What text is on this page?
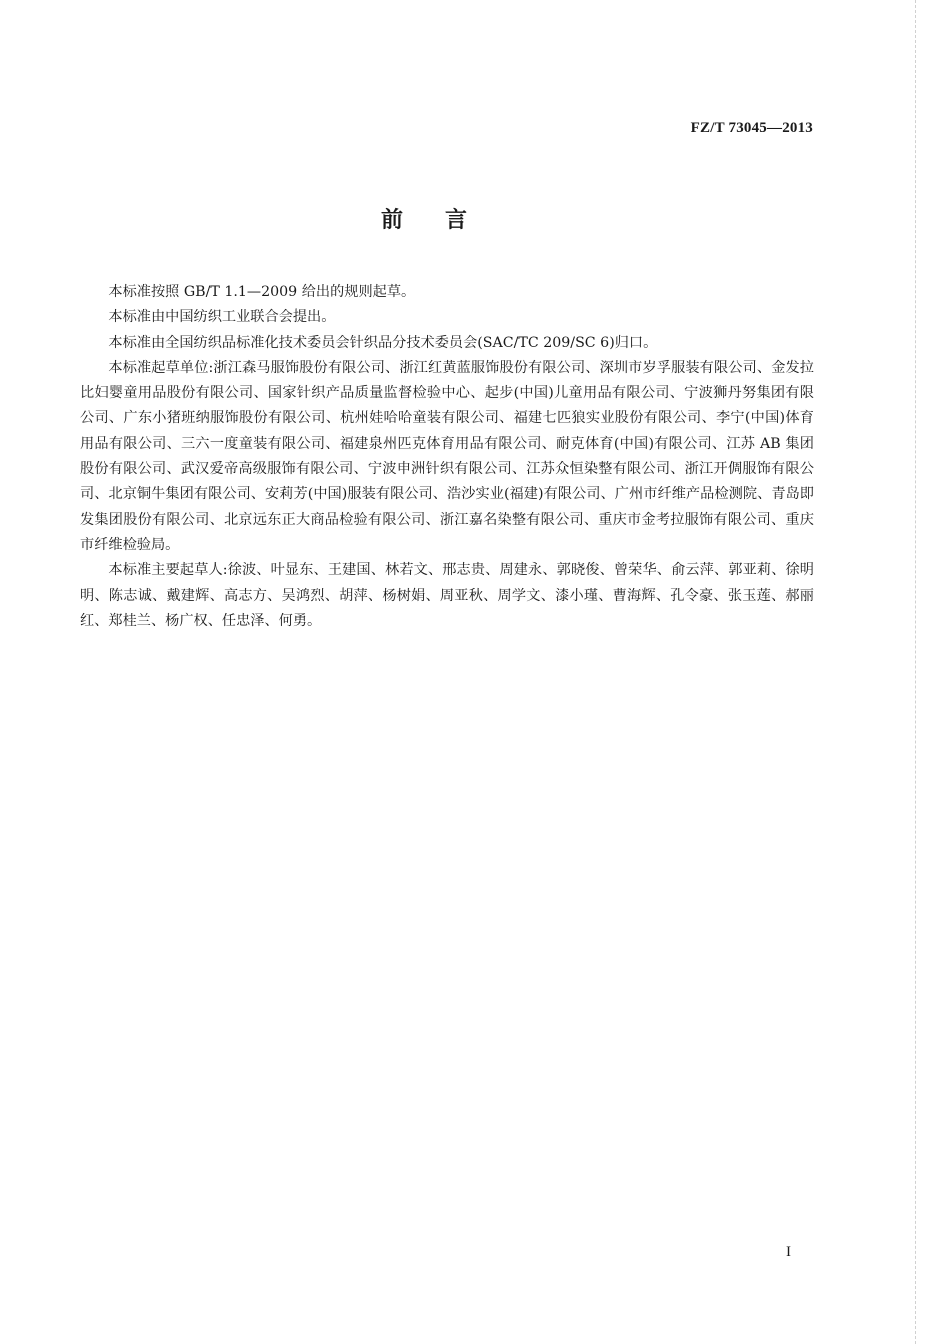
FZ/T 73045—2013
前言

本标准按照 GB/T 1.1—2009 给出的规则起草。

本标准由中国纺织工业联合会提出。

本标准由全国纺织品标准化技术委员会针织品分技术委员会(SAC/TC 209/SC 6)归口。

本标准起草单位:浙江森马服饰股份有限公司、浙江红黄蓝服饰股份有限公司、深圳市岁孚服装有限公司、金发拉比妇婴童用品股份有限公司、国家针织产品质量监督检验中心、起步(中国)儿童用品有限公司、宁波狮丹努集团有限公司、广东小猪班纳服饰股份有限公司、杭州娃哈哈童装有限公司、福建七匹狼实业股份有限公司、李宁(中国)体育用品有限公司、三六一度童装有限公司、福建泉州匹克体育用品有限公司、耐克体育(中国)有限公司、江苏 AB 集团股份有限公司、武汉爱帝高级服饰有限公司、宁波申洲针织有限公司、江苏众恒染整有限公司、浙江开倜服饰有限公司、北京铜牛集团有限公司、安莉芳(中国)服装有限公司、浩沙实业(福建)有限公司、广州市纤维产品检测院、青岛即发集团股份有限公司、北京远东正大商品检验有限公司、浙江嘉名染整有限公司、重庆市金考拉服饰有限公司、重庆市纤维检验局。

本标准主要起草人:徐波、叶显东、王建国、林若文、邢志贵、周建永、郭晓俊、曾荣华、俞云萍、郭亚莉、徐明明、陈志诚、戴建辉、高志方、吴鸿烈、胡萍、杨树娟、周亚秋、周学文、漆小瑾、曹海辉、孔令豪、张玉莲、郝丽红、郑桂兰、杨广权、任忠泽、何勇。

I
